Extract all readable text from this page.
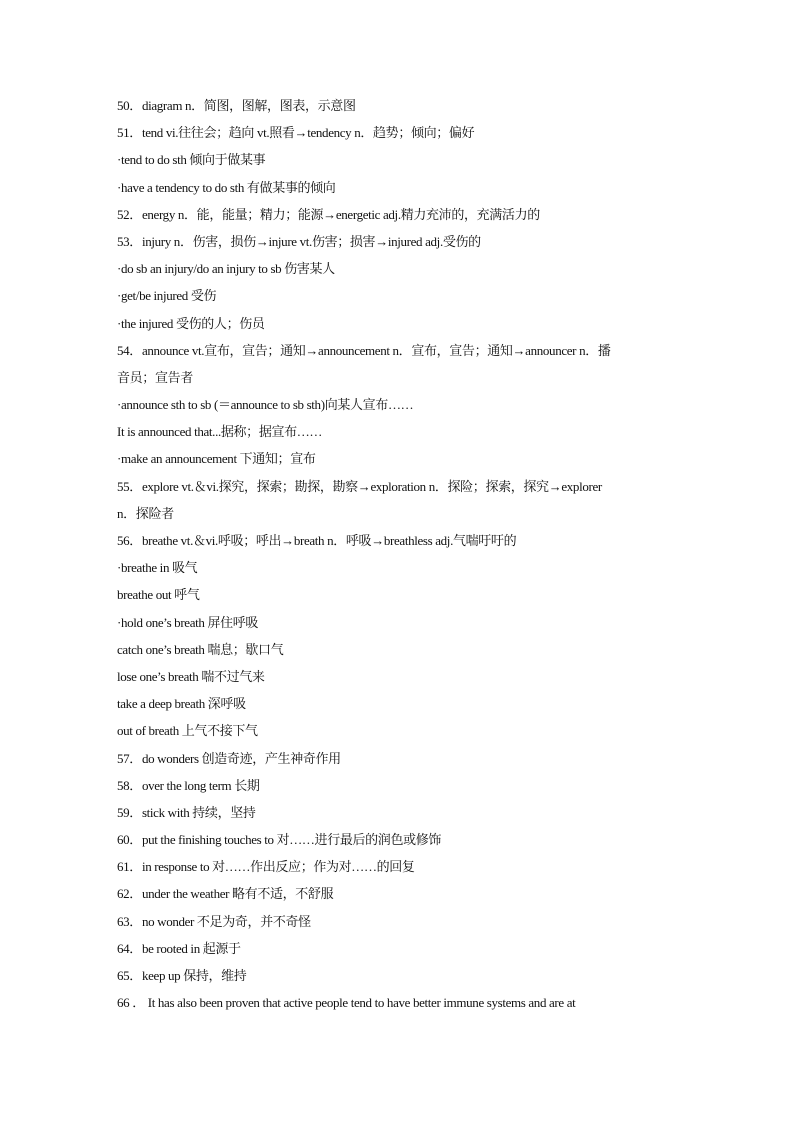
50．diagram n．简图，图解，图表，示意图
51．tend vi.往往会；趋向 vt.照看→tendency n．趋势；倾向；偏好
·tend to do sth 倾向于做某事
·have a tendency to do sth 有做某事的倾向
52．energy n．能，能量；精力；能源→energetic adj.精力充沛的，充满活力的
53．injury n．伤害，损伤→injure vt.伤害；损害→injured adj.受伤的
·do sb an injury/do an injury to sb 伤害某人
·get/be injured 受伤
·the injured 受伤的人；伤员
54．announce vt.宣布，宣告；通知→announcement n．宣布，宣告；通知→announcer n．播
音员；宣告者
·announce sth to sb (＝announce to sb sth)向某人宣布……
It is announced that...据称；据宣布……
·make an announcement 下通知；宣布
55．explore vt.＆vi.探究，探索；勘探，勘察→exploration n．探险；探索，探究→explorer
n．探险者
56．breathe vt.＆vi.呼吸；呼出→breath n．呼吸→breathless adj.气喘吁吁的
·breathe in 吸气
breathe out 呼气
·hold one’s breath 屏住呼吸
catch one’s breath 喘息；歇口气
lose one’s breath 喘不过气来
take a deep breath 深呼吸
out of breath 上气不接下气
57．do wonders 创造奇迹，产生神奇作用
58．over the long term 长期
59．stick with 持续，坚持
60．put the finishing touches to 对……进行最后的润色或修饰
61．in response to 对……作出反应；作为对……的回复
62．under the weather 略有不适，不舒服
63．no wonder 不足为奇，并不奇怪
64．be rooted in 起源于
65．keep up 保持，维持
66 ． It has also been proven that active people tend to have better immune systems and are at
